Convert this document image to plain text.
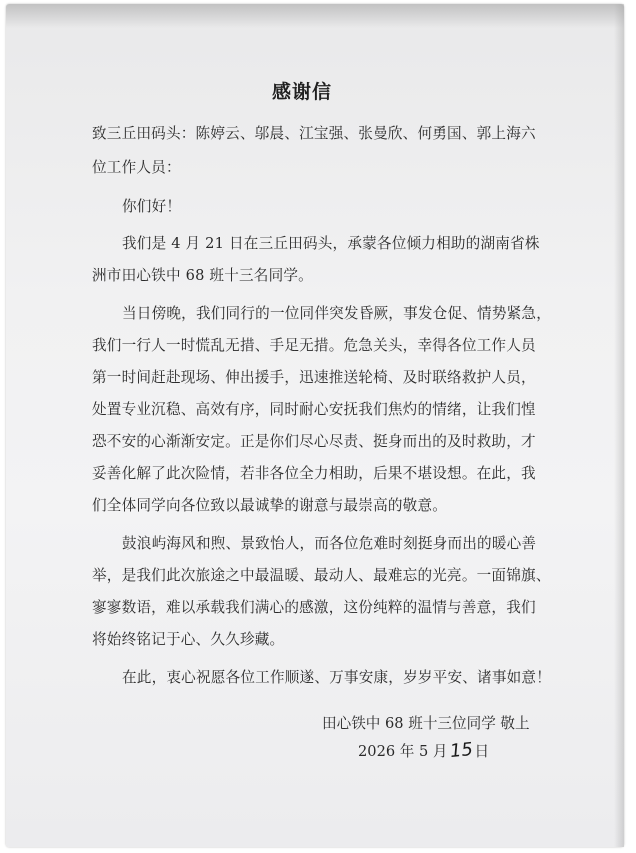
感谢信
致三丘田码头：陈婷云、邬晨、江宝强、张曼欣、何勇国、郭上海六
位工作人员：
你们好！
我们是 4 月 21 日在三丘田码头，承蒙各位倾力相助的湖南省株
洲市田心铁中 68 班十三名同学。
当日傍晚，我们同行的一位同伴突发昏厥，事发仓促、情势紧急，
我们一行人一时慌乱无措、手足无措。危急关头，幸得各位工作人员
第一时间赶赴现场、伸出援手，迅速推送轮椅、及时联络救护人员，
处置专业沉稳、高效有序，同时耐心安抚我们焦灼的情绪，让我们惶
恐不安的心渐渐安定。正是你们尽心尽责、挺身而出的及时救助，才
妥善化解了此次险情，若非各位全力相助，后果不堪设想。在此，我
们全体同学向各位致以最诚挚的谢意与最崇高的敬意。
鼓浪屿海风和煦、景致怡人，而各位危难时刻挺身而出的暖心善
举，是我们此次旅途之中最温暖、最动人、最难忘的光亮。一面锦旗、
寥寥数语，难以承载我们满心的感激，这份纯粹的温情与善意，我们
将始终铭记于心、久久珍藏。
在此，衷心祝愿各位工作顺遂、万事安康，岁岁平安、诸事如意！
田心铁中 68 班十三位同学 敬上
2026 年 5 月15日
